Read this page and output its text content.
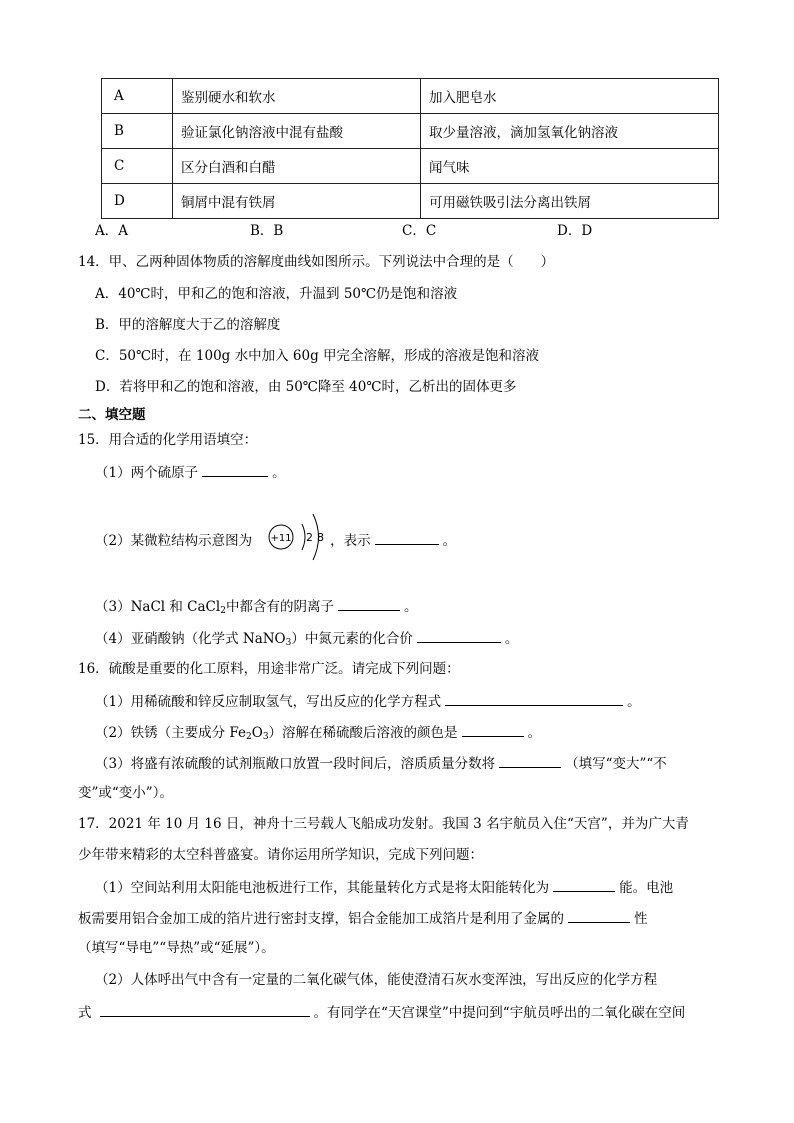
A	鉴别硬水和软水	加入肥皂水
B	验证氯化钠溶液中混有盐酸	取少量溶液，滴加氢氧化钠溶液
C	区分白酒和白醋	闻气味
D	铜屑中混有铁屑	可用磁铁吸引法分离出铁屑
A．A	B．B	C．C	D．D
14．甲、乙两种固体物质的溶解度曲线如图所示。下列说法中合理的是（　　）
A．40℃时，甲和乙的饱和溶液，升温到 50℃仍是饱和溶液
B．甲的溶解度大于乙的溶解度
C．50℃时，在 100g 水中加入 60g 甲完全溶解，形成的溶液是饱和溶液
D．若将甲和乙的饱和溶液，由 50℃降至 40℃时，乙析出的固体更多
二、填空题
15．用合适的化学用语填空：
（1）两个硫原子	。
（2）某微粒结构示意图为	，表示	。
+11 2 8
（3）NaCl 和 CaCl$_2$中都含有的阴离子	。
（4）亚硝酸钠（化学式 NaNO$_3$）中氮元素的化合价	。
16．硫酸是重要的化工原料，用途非常广泛。请完成下列问题：
（1）用稀硫酸和锌反应制取氢气，写出反应的化学方程式	。
（2）铁锈（主要成分 $Fe_2O_3$）溶解在稀硫酸后溶液的颜色是	。
（3）将盛有浓硫酸的试剂瓶敞口放置一段时间后，溶质质量分数将	（填写“变大”“不
变”或“变小”）。
17．2021 年 10 月 16 日，神舟十三号载人飞船成功发射。我国 3 名宇航员入住“天宫”，并为广大青
少年带来精彩的太空科普盛宴。请你运用所学知识，完成下列问题：
（1）空间站利用太阳能电池板进行工作，其能量转化方式是将太阳能转化为	能。电池
板需要用铝合金加工成的箔片进行密封支撑，铝合金能加工成箔片是利用了金属的	性
（填写“导电”“导热”或“延展”）。
（2）人体呼出气中含有一定量的二氧化碳气体，能使澄清石灰水变浑浊，写出反应的化学方程
式	。有同学在“天宫课堂”中提问到“宇航员呼出的二氧化碳在空间
